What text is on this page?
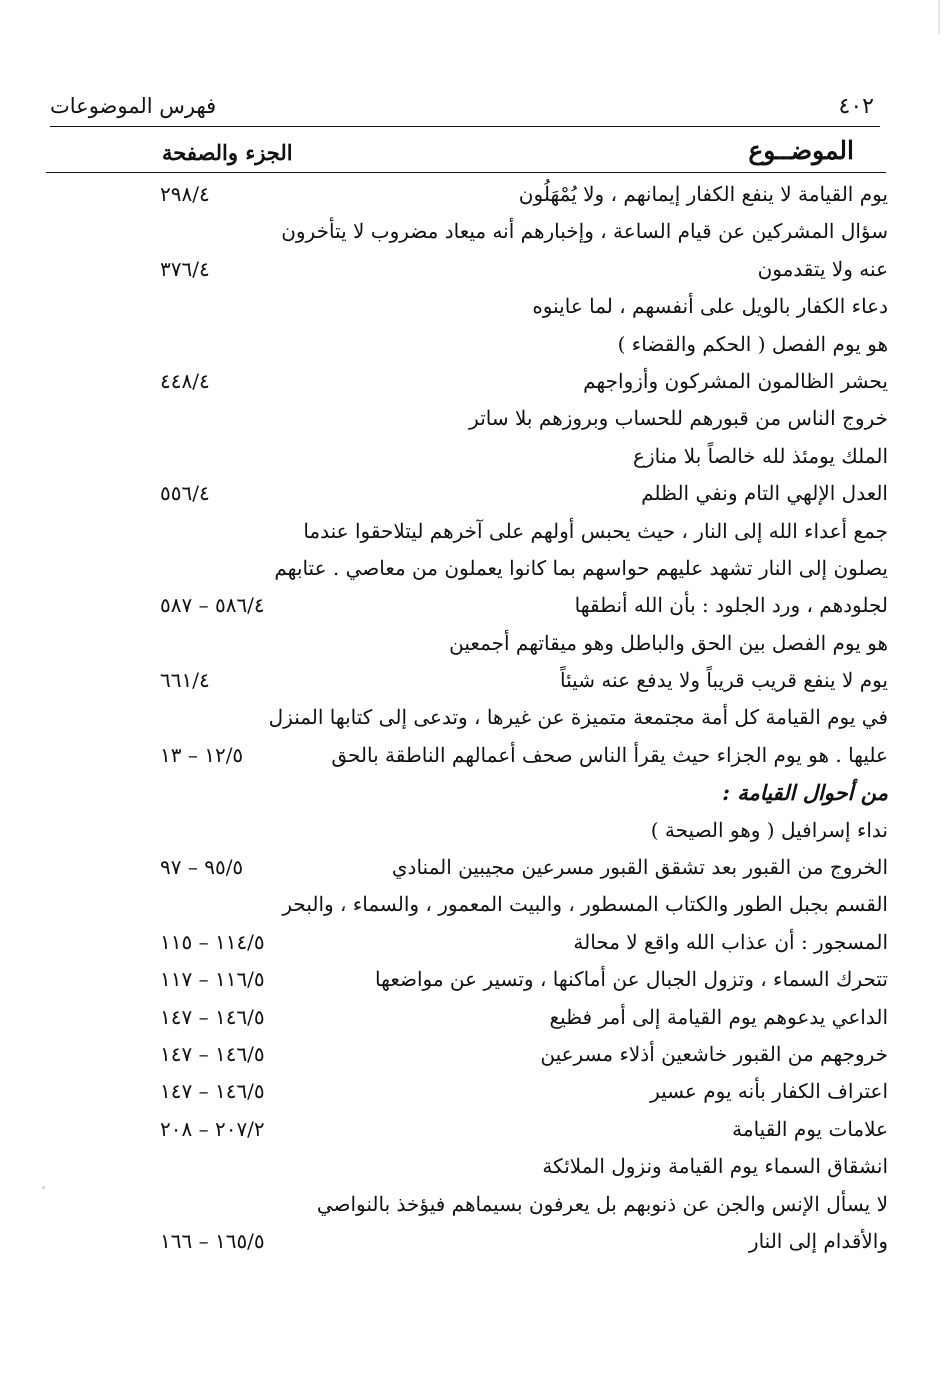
٤٠٢
فهرس الموضوعات
الموضــوع
الجزء والصفحة
يوم القيامة لا ينفع الكفار إيمانهم ، ولا يُمْهَلُون
٢٩٨/٤
سؤال المشركين عن قيام الساعة ، وإخبارهم أنه ميعاد مضروب لا يتأخرون
عنه ولا يتقدمون
٣٧٦/٤
دعاء الكفار بالويل على أنفسهم ، لما عاينوه
هو يوم الفصل ( الحكم والقضاء )
يحشر الظالمون المشركون وأزواجهم
٤٤٨/٤
خروج الناس من قبورهم للحساب وبروزهم بلا ساتر
الملك يومئذ لله خالصاً بلا منازع
العدل الإلهي التام ونفي الظلم
٥٥٦/٤
جمع أعداء الله إلى النار ، حيث يحبس أولهم على آخرهم ليتلاحقوا عندما
يصلون إلى النار تشهد عليهم حواسهم بما كانوا يعملون من معاصي . عتابهم
لجلودهم ، ورد الجلود : بأن الله أنطقها
٥٨٦/٤ – ٥٨٧
هو يوم الفصل بين الحق والباطل وهو ميقاتهم أجمعين
يوم لا ينفع قريب قريباً ولا يدفع عنه شيئاً
٦٦١/٤
في يوم القيامة كل أمة مجتمعة متميزة عن غيرها ، وتدعى إلى كتابها المنزل
عليها . هو يوم الجزاء حيث يقرأ الناس صحف أعمالهم الناطقة بالحق
١٢/٥ – ١٣
من أحوال القيامة :
نداء إسرافيل ( وهو الصيحة )
الخروج من القبور بعد تشقق القبور مسرعين مجيبين المنادي
٩٥/٥ – ٩٧
القسم بجبل الطور والكتاب المسطور ، والبيت المعمور ، والسماء ، والبحر
المسجور : أن عذاب الله واقع لا محالة
١١٤/٥ – ١١٥
تتحرك السماء ، وتزول الجبال عن أماكنها ، وتسير عن مواضعها
١١٦/٥ – ١١٧
الداعي يدعوهم يوم القيامة إلى أمر فظيع
١٤٦/٥ – ١٤٧
خروجهم من القبور خاشعين أذلاء مسرعين
١٤٦/٥ – ١٤٧
اعتراف الكفار بأنه يوم عسير
١٤٦/٥ – ١٤٧
علامات يوم القيامة
٢٠٧/٢ – ٢٠٨
انشقاق السماء يوم القيامة ونزول الملائكة
لا يسأل الإنس والجن عن ذنوبهم بل يعرفون بسيماهم فيؤخذ بالنواصي
والأقدام إلى النار
١٦٥/٥ – ١٦٦
